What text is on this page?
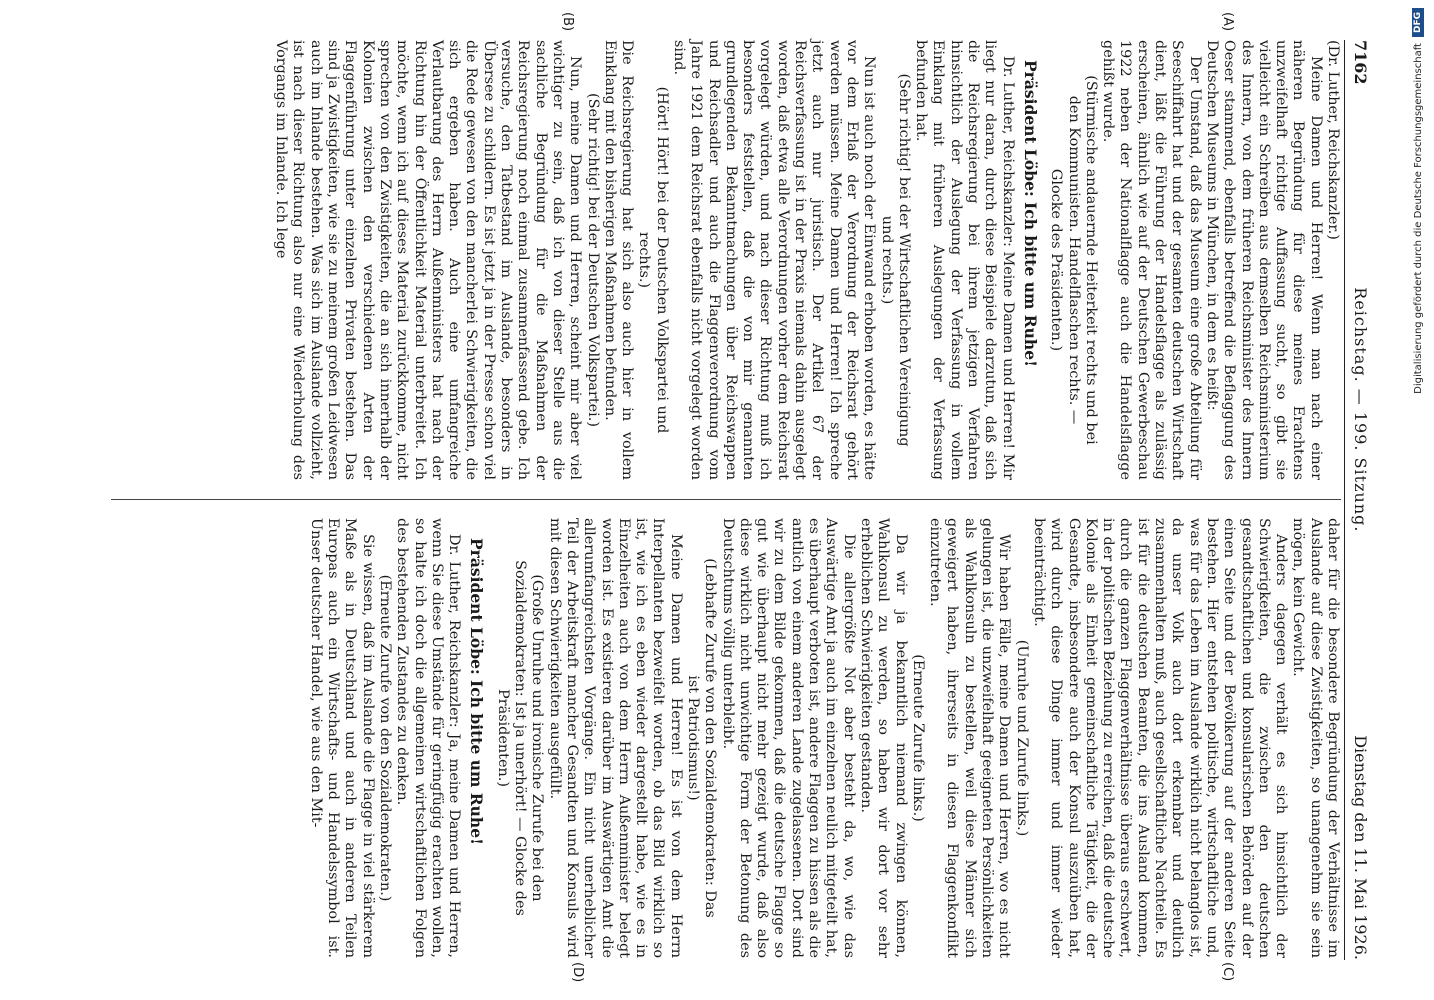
7162
Reichstag. — 199. Sitzung.
Dienstag den 11. Mai 1926.

(Dr. Luther, Reichskanzler.)

Meine Damen und Herren! Wenn man nach einer näheren Begründung für diese meines Erachtens unzweifelhaft richtige Auffassung sucht, so gibt sie vielleicht ein Schreiben aus demselben Reichsministerium des Innern, von dem früheren Reichsminister des Innern Oeser stammend, ebenfalls betreffend die Beflaggung des Deutschen Museums in München, in dem es heißt:

Der Umstand, daß das Museum eine große Abteilung für Seeschiffahrt hat und der gesamten deutschen Wirtschaft dient, läßt die Führung der Handelsflagge als zulässig erscheinen, ähnlich wie auf der Deutschen Gewerbeschau 1922 neben der Nationalflagge auch die Handelsflagge gehißt wurde.

(Stürmische andauernde Heiterkeit rechts und bei den Kommunisten. Handelflaschen rechts. — Glocke des Präsidenten.)

Präsident Löbe: Ich bitte um Ruhe!

Dr. Luther, Reichskanzler: Meine Damen und Herren! Mir liegt nur daran, durch diese Beispiele darzutun, daß sich die Reichsregierung bei ihrem jetzigen Verfahren hinsichtlich der Auslegung der Verfassung in vollem Einklang mit früheren Auslegungen der Verfassung befunden hat.

(Sehr richtig! bei der Wirtschaftlichen Vereinigung und rechts.)

Nun ist auch noch der Einwand erhoben worden, es hätte vor dem Erlaß der Verordnung der Reichsrat gehört werden müssen. Meine Damen und Herren! Ich spreche jetzt auch nur juristisch. Der Artikel 67 der Reichsverfassung ist in der Praxis niemals dahin ausgelegt worden, daß etwa alle Verordnungen vorher dem Reichsrat vorgelegt würden, und nach dieser Richtung muß ich besonders feststellen, daß die von mir genannten grundlegenden Bekanntmachungen über Reichswappen und Reichsadler und auch die Flaggenverordnung vom Jahre 1921 dem Reichsrat ebenfalls nicht vorgelegt worden sind.

(Hört! Hört! bei der Deutschen Volkspartei und rechts.)

Die Reichsregierung hat sich also auch hier in vollem Einklang mit den bisherigen Maßnahmen befunden.

(Sehr richtig! bei der Deutschen Volkspartei.)

Nun, meine Damen und Herren, scheint mir aber viel wichtiger zu sein, daß ich von dieser Stelle aus die sachliche Begründung für die Maßnahmen der Reichsregierung noch einmal zusammenfassend gebe. Ich versuche, den Tatbestand im Auslande, besonders in Übersee zu schildern. Es ist jetzt ja in der Presse schon viel die Rede gewesen von den mancherlei Schwierigkeiten, die sich ergeben haben. Auch eine umfangreiche Verlautbarung des Herrn Außenministers hat nach der Richtung hin der Öffentlichkeit Material unterbreitet. Ich möchte, wenn ich auf dieses Material zurückkomme, nicht sprechen von den Zwistigkeiten, die an sich innerhalb der Kolonien zwischen den verschiedenen Arten der Flaggenführung unter einzelnen Privaten bestehen. Das sind ja Zwistigkeiten, wie sie zu meinem großen Leidwesen auch im Inlande bestehen. Was sich im Auslande vollzieht, ist nach dieser Richtung also nur eine Wiederholung des Vorgangs im Inlande. Ich lege

daher für die besondere Begründung der Verhältnisse im Auslande auf diese Zwistigkeiten, so unangenehm sie sein mögen, kein Gewicht.

Anders dagegen verhält es sich hinsichtlich der Schwierigkeiten, die zwischen den deutschen gesandtschaftlichen und konsularischen Behörden auf der einen Seite und der Bevölkerung auf der anderen Seite bestehen. Hier entstehen politische, wirtschaftliche und, was für das Leben im Auslande wirklich nicht belanglos ist, da unser Volk auch dort erkennbar und deutlich zusammenhalten muß, auch gesellschaftliche Nachteile. Es ist für die deutschen Beamten, die ins Ausland kommen, durch die ganzen Flaggenverhältnisse überaus erschwert, in der politischen Beziehung zu erreichen, daß die deutsche Kolonie als Einheit gemeinschaftliche Tätigkeit, die der Gesandte, insbesondere auch der Konsul auszuüben hat, wird durch diese Dinge immer und immer wieder beeinträchtigt.

(Unruhe und Zurufe links.)

Wir haben Fälle, meine Damen und Herren, wo es nicht gelungen ist, die unzweifelhaft geeigneten Persönlichkeiten als Wahlkonsuln zu bestellen, weil diese Männer sich geweigert haben, ihrerseits in diesen Flaggenkonflikt einzutreten.

(Erneute Zurufe links.)

Da wir ja bekanntlich niemand zwingen können, Wahlkonsul zu werden, so haben wir dort vor sehr erheblichen Schwierigkeiten gestanden.

Die allergrößte Not aber besteht da, wo, wie das Auswärtige Amt ja auch im einzelnen neulich mitgeteilt hat, es überhaupt verboten ist, andere Flaggen zu hissen als die amtlich von einem anderen Lande zugelassenen. Dort sind wir zu dem Bilde gekommen, daß die deutsche Flagge so gut wie überhaupt nicht mehr gezeigt wurde, daß also diese wirklich nicht unwichtige Form der Betonung des Deutschtums völlig unterbleibt.

(Lebhafte Zurufe von den Sozialdemokraten: Das ist Patriotismus!)

Meine Damen und Herren! Es ist von dem Herrn Interpellanten bezweifelt worden, ob das Bild wirklich so ist, wie ich es eben wieder dargestellt habe, wie es in Einzelheiten auch von dem Herrn Außenminister belegt worden ist. Es existieren darüber im Auswärtigen Amt die allerumfangreichsten Vorgänge. Ein nicht unerheblicher Teil der Arbeitskraft mancher Gesandten und Konsuls wird mit diesen Schwierigkeiten ausgefüllt.

(Große Unruhe und ironische Zurufe bei den Sozialdemokraten: Ist ja unerhört! — Glocke des Präsidenten.)

Präsident Löbe: Ich bitte um Ruhe!

Dr. Luther, Reichskanzler: Ja, meine Damen und Herren, wenn Sie diese Umstände für geringfügig erachten wollen, so halte ich doch die allgemeinen wirtschaftlichen Folgen des bestehenden Zustandes zu denken.

(Erneute Zurufe von den Sozialdemokraten.)

Sie wissen, daß im Auslande die Flagge in viel stärkerem Maße als in Deutschland und auch in anderen Teilen Europas auch ein Wirtschafts- und Handelssymbol ist. Unser deutscher Handel, wie aus den Mit-

(A)
(B)
(C)
(D)
Digitalisierung gefördert durch die Deutsche Forschungsgemeinschaft
DFG
